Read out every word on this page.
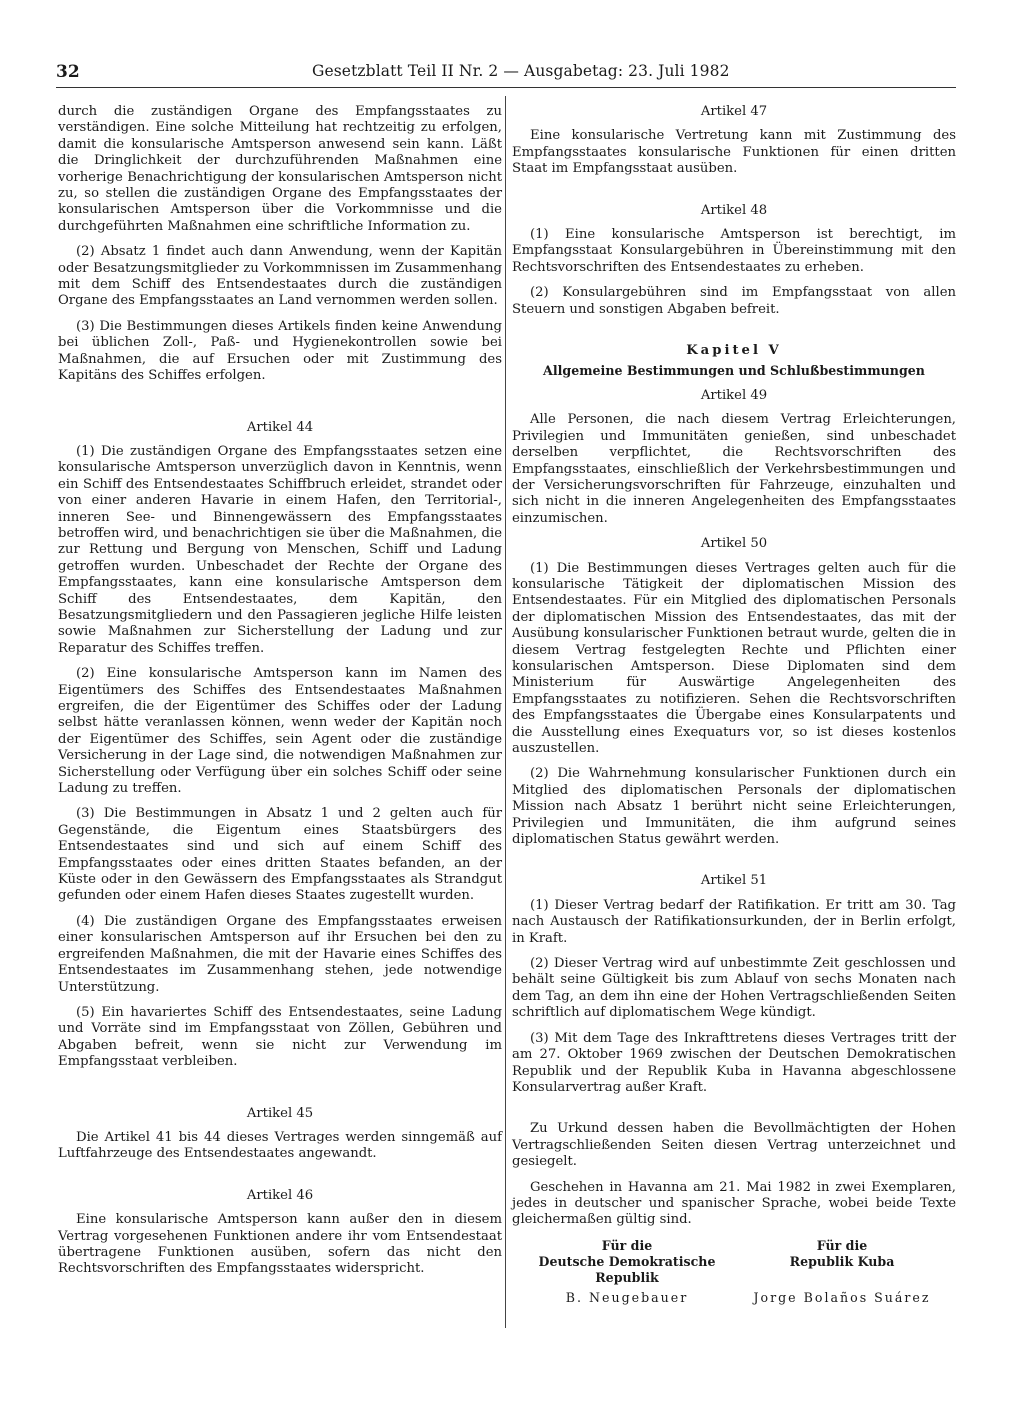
32	Gesetzblatt Teil II Nr. 2 — Ausgabetag: 23. Juli 1982

durch die zuständigen Organe des Empfangsstaates zu verständigen. Eine solche Mitteilung hat rechtzeitig zu erfolgen, damit die konsularische Amtsperson anwesend sein kann. Läßt die Dringlichkeit der durchzuführenden Maßnahmen eine vorherige Benachrichtigung der konsularischen Amtsperson nicht zu, so stellen die zuständigen Organe des Empfangsstaates der konsularischen Amtsperson über die Vorkommnisse und die durchgeführten Maßnahmen eine schriftliche Information zu.

(2) Absatz 1 findet auch dann Anwendung, wenn der Kapitän oder Besatzungsmitglieder zu Vorkommnissen im Zusammenhang mit dem Schiff des Entsendestaates durch die zuständigen Organe des Empfangsstaates an Land vernommen werden sollen.

(3) Die Bestimmungen dieses Artikels finden keine Anwendung bei üblichen Zoll-, Paß- und Hygienekontrollen sowie bei Maßnahmen, die auf Ersuchen oder mit Zustimmung des Kapitäns des Schiffes erfolgen.

Artikel 44

(1) Die zuständigen Organe des Empfangsstaates setzen eine konsularische Amtsperson unverzüglich davon in Kenntnis, wenn ein Schiff des Entsendestaates Schiffbruch erleidet, strandet oder von einer anderen Havarie in einem Hafen, den Territorial-, inneren See- und Binnengewässern des Empfangsstaates betroffen wird, und benachrichtigen sie über die Maßnahmen, die zur Rettung und Bergung von Menschen, Schiff und Ladung getroffen wurden. Unbeschadet der Rechte der Organe des Empfangsstaates, kann eine konsularische Amtsperson dem Schiff des Entsendestaates, dem Kapitän, den Besatzungsmitgliedern und den Passagieren jegliche Hilfe leisten sowie Maßnahmen zur Sicherstellung der Ladung und zur Reparatur des Schiffes treffen.

(2) Eine konsularische Amtsperson kann im Namen des Eigentümers des Schiffes des Entsendestaates Maßnahmen ergreifen, die der Eigentümer des Schiffes oder der Ladung selbst hätte veranlassen können, wenn weder der Kapitän noch der Eigentümer des Schiffes, sein Agent oder die zuständige Versicherung in der Lage sind, die notwendigen Maßnahmen zur Sicherstellung oder Verfügung über ein solches Schiff oder seine Ladung zu treffen.

(3) Die Bestimmungen in Absatz 1 und 2 gelten auch für Gegenstände, die Eigentum eines Staatsbürgers des Entsendestaates sind und sich auf einem Schiff des Empfangsstaates oder eines dritten Staates befanden, an der Küste oder in den Gewässern des Empfangsstaates als Strandgut gefunden oder einem Hafen dieses Staates zugestellt wurden.

(4) Die zuständigen Organe des Empfangsstaates erweisen einer konsularischen Amtsperson auf ihr Ersuchen bei den zu ergreifenden Maßnahmen, die mit der Havarie eines Schiffes des Entsendestaates im Zusammenhang stehen, jede notwendige Unterstützung.

(5) Ein havariertes Schiff des Entsendestaates, seine Ladung und Vorräte sind im Empfangsstaat von Zöllen, Gebühren und Abgaben befreit, wenn sie nicht zur Verwendung im Empfangsstaat verbleiben.

Artikel 45

Die Artikel 41 bis 44 dieses Vertrages werden sinngemäß auf Luftfahrzeuge des Entsendestaates angewandt.

Artikel 46

Eine konsularische Amtsperson kann außer den in diesem Vertrag vorgesehenen Funktionen andere ihr vom Entsendestaat übertragene Funktionen ausüben, sofern das nicht den Rechtsvorschriften des Empfangsstaates widerspricht.

Artikel 47

Eine konsularische Vertretung kann mit Zustimmung des Empfangsstaates konsularische Funktionen für einen dritten Staat im Empfangsstaat ausüben.

Artikel 48

(1) Eine konsularische Amtsperson ist berechtigt, im Empfangsstaat Konsulargebühren in Übereinstimmung mit den Rechtsvorschriften des Entsendestaates zu erheben.

(2) Konsulargebühren sind im Empfangsstaat von allen Steuern und sonstigen Abgaben befreit.

Kapitel V
Allgemeine Bestimmungen und Schlußbestimmungen
Artikel 49

Alle Personen, die nach diesem Vertrag Erleichterungen, Privilegien und Immunitäten genießen, sind unbeschadet derselben verpflichtet, die Rechtsvorschriften des Empfangsstaates, einschließlich der Verkehrsbestimmungen und der Versicherungsvorschriften für Fahrzeuge, einzuhalten und sich nicht in die inneren Angelegenheiten des Empfangsstaates einzumischen.

Artikel 50

(1) Die Bestimmungen dieses Vertrages gelten auch für die konsularische Tätigkeit der diplomatischen Mission des Entsendestaates. Für ein Mitglied des diplomatischen Personals der diplomatischen Mission des Entsendestaates, das mit der Ausübung konsularischer Funktionen betraut wurde, gelten die in diesem Vertrag festgelegten Rechte und Pflichten einer konsularischen Amtsperson. Diese Diplomaten sind dem Ministerium für Auswärtige Angelegenheiten des Empfangsstaates zu notifizieren. Sehen die Rechtsvorschriften des Empfangsstaates die Übergabe eines Konsularpatents und die Ausstellung eines Exequaturs vor, so ist dieses kostenlos auszustellen.

(2) Die Wahrnehmung konsularischer Funktionen durch ein Mitglied des diplomatischen Personals der diplomatischen Mission nach Absatz 1 berührt nicht seine Erleichterungen, Privilegien und Immunitäten, die ihm aufgrund seines diplomatischen Status gewährt werden.

Artikel 51

(1) Dieser Vertrag bedarf der Ratifikation. Er tritt am 30. Tag nach Austausch der Ratifikationsurkunden, der in Berlin erfolgt, in Kraft.

(2) Dieser Vertrag wird auf unbestimmte Zeit geschlossen und behält seine Gültigkeit bis zum Ablauf von sechs Monaten nach dem Tag, an dem ihn eine der Hohen Vertragschließenden Seiten schriftlich auf diplomatischem Wege kündigt.

(3) Mit dem Tage des Inkrafttretens dieses Vertrages tritt der am 27. Oktober 1969 zwischen der Deutschen Demokratischen Republik und der Republik Kuba in Havanna abgeschlossene Konsularvertrag außer Kraft.

Zu Urkund dessen haben die Bevollmächtigten der Hohen Vertragschließenden Seiten diesen Vertrag unterzeichnet und gesiegelt.

Geschehen in Havanna am 21. Mai 1982 in zwei Exemplaren, jedes in deutscher und spanischer Sprache, wobei beide Texte gleichermaßen gültig sind.

Für die
Deutsche Demokratische Republik
B. Neugebauer
Für die
Republik Kuba
Jorge Bolaños Suárez
